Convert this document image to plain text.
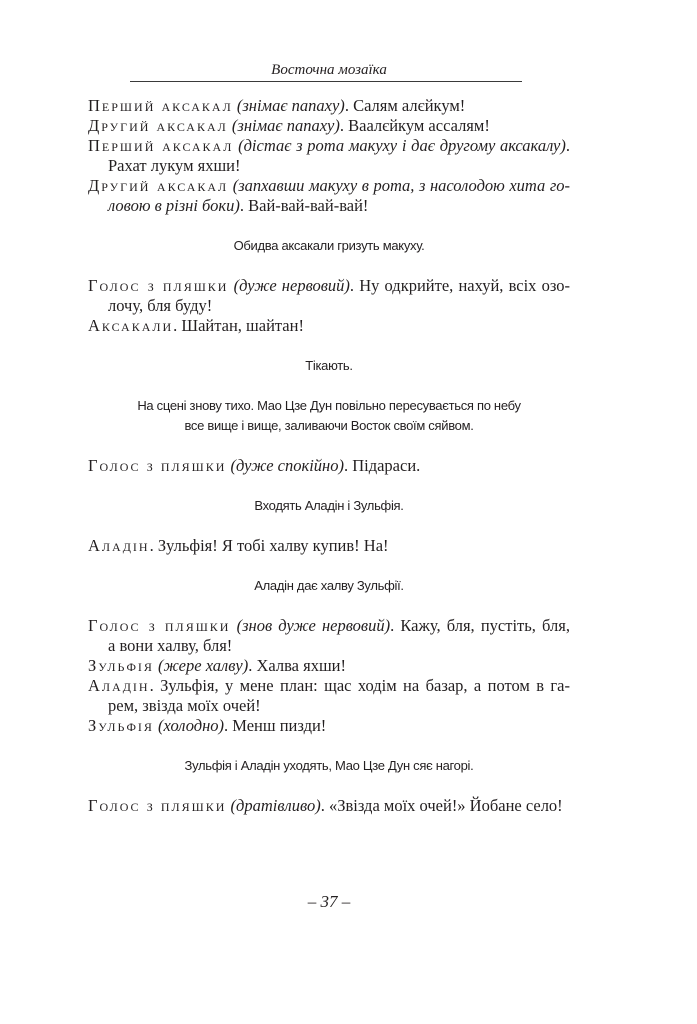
Восточна мозаїка
Перший аксакал (знімає папаху). Салям алєйкум!
Другий аксакал (знімає папаху). Ваалєйкум ассалям!
Перший аксакал (дістає з рота макуху і дає другому аксакалу).
Рахат лукум яхши!
Другий аксакал (запхавши макуху в рота, з насолодою хита го-
ловою в різні боки). Вай-вай-вай-вай!
Обидва аксакали гризуть макуху.
Голос з пляшки (дуже нервовий). Ну одкрийте, нахуй, всіх озо-
лочу, бля буду!
Аксакали. Шайтан, шайтан!
Тікають.
На сцені знову тихо. Мао Цзе Дун повільно пересувається по небу
все вище і вище, заливаючи Восток своїм сяйвом.
Голос з пляшки (дуже спокійно). Підараси.
Входять Аладін і Зульфія.
Аладін. Зульфія! Я тобі халву купив! На!
Аладін дає халву Зульфії.
Голос з пляшки (знов дуже нервовий). Кажу, бля, пустіть, бля,
а вони халву, бля!
Зульфія (жере халву). Халва яхши!
Аладін. Зульфія, у мене план: щас ходім на базар, а потом в га-
рем, звізда моїх очей!
Зульфія (холодно). Менш пизди!
Зульфія і Аладін уходять, Мао Цзе Дун сяє нагорі.
Голос з пляшки (дратівливо). «Звізда моїх очей!» Йобане село!
– 37 –
